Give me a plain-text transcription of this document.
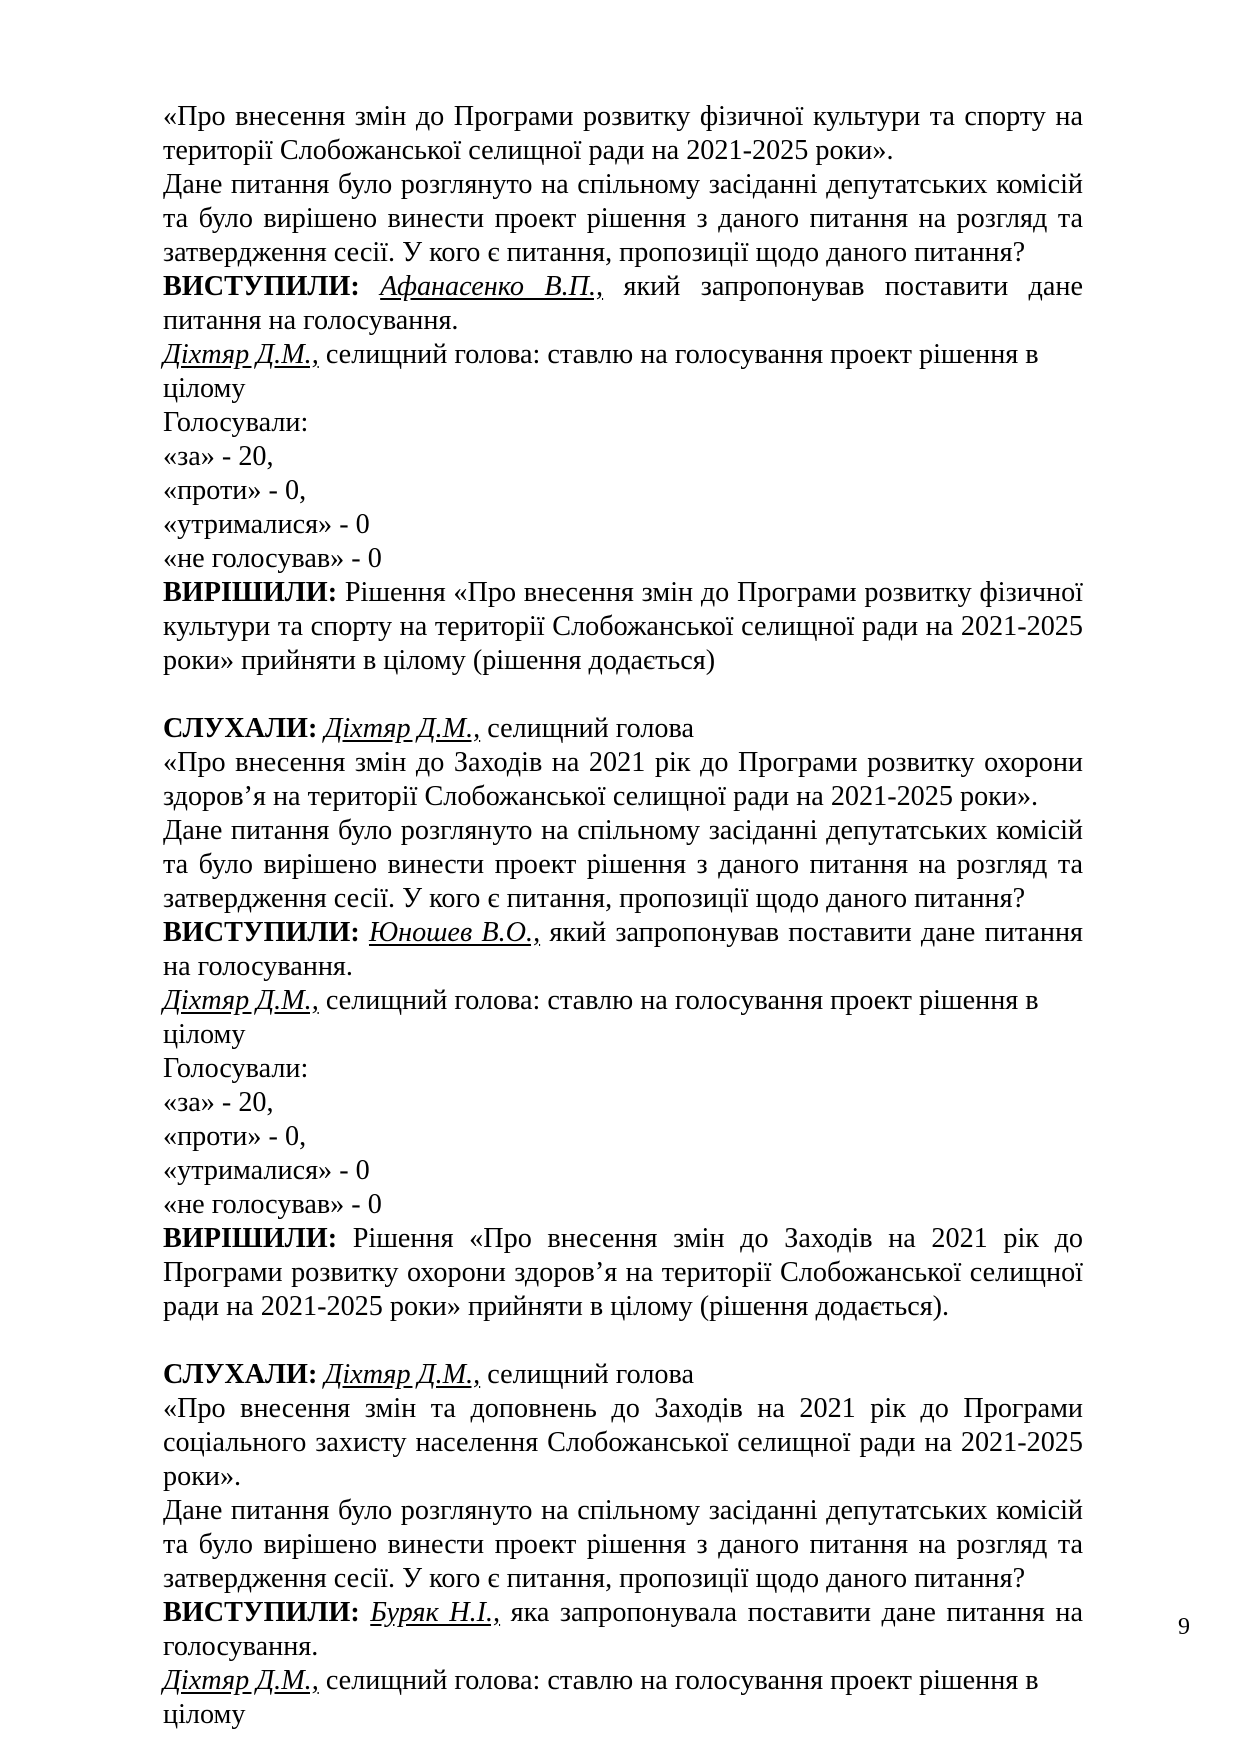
«Про внесення змін до Програми розвитку фізичної культури та спорту на території Слобожанської селищної ради на 2021-2025 роки».

Дане питання було розглянуто на спільному засіданні депутатських комісій та було вирішено винести проект рішення з даного питання на розгляд та затвердження сесії. У кого є питання, пропозиції щодо даного питання?

ВИСТУПИЛИ: Афанасенко В.П., який запропонував поставити дане питання на голосування.

Діхтяр Д.М., селищний голова: ставлю на голосування проект рішення в цілому

Голосували:

«за» - 20,

«проти» - 0,

«утрималися» - 0

«не голосував» - 0

ВИРІШИЛИ: Рішення «Про внесення змін до Програми розвитку фізичної культури та спорту на території Слобожанської селищної ради на 2021-2025 роки» прийняти в цілому (рішення додається)

СЛУХАЛИ: Діхтяр Д.М., селищний голова

«Про внесення змін до Заходів на 2021 рік до Програми розвитку охорони здоров’я на території Слобожанської селищної ради на 2021-2025 роки».

Дане питання було розглянуто на спільному засіданні депутатських комісій та було вирішено винести проект рішення з даного питання на розгляд та затвердження сесії. У кого є питання, пропозиції щодо даного питання?

ВИСТУПИЛИ: Юношев В.О., який запропонував поставити дане питання на голосування.

Діхтяр Д.М., селищний голова: ставлю на голосування проект рішення в цілому

Голосували:

«за» - 20,

«проти» - 0,

«утрималися» - 0

«не голосував» - 0

ВИРІШИЛИ: Рішення «Про внесення змін до Заходів на 2021 рік до Програми розвитку охорони здоров’я на території Слобожанської селищної ради на 2021-2025 роки» прийняти в цілому (рішення додається).

СЛУХАЛИ: Діхтяр Д.М., селищний голова

«Про внесення змін та доповнень до Заходів на 2021 рік до Програми соціального захисту населення Слобожанської селищної ради на 2021-2025 роки».

Дане питання було розглянуто на спільному засіданні депутатських комісій та було вирішено винести проект рішення з даного питання на розгляд та затвердження сесії. У кого є питання, пропозиції щодо даного питання?

ВИСТУПИЛИ: Буряк Н.І., яка запропонувала поставити дане питання на голосування.

Діхтяр Д.М., селищний голова: ставлю на голосування проект рішення в цілому

9
